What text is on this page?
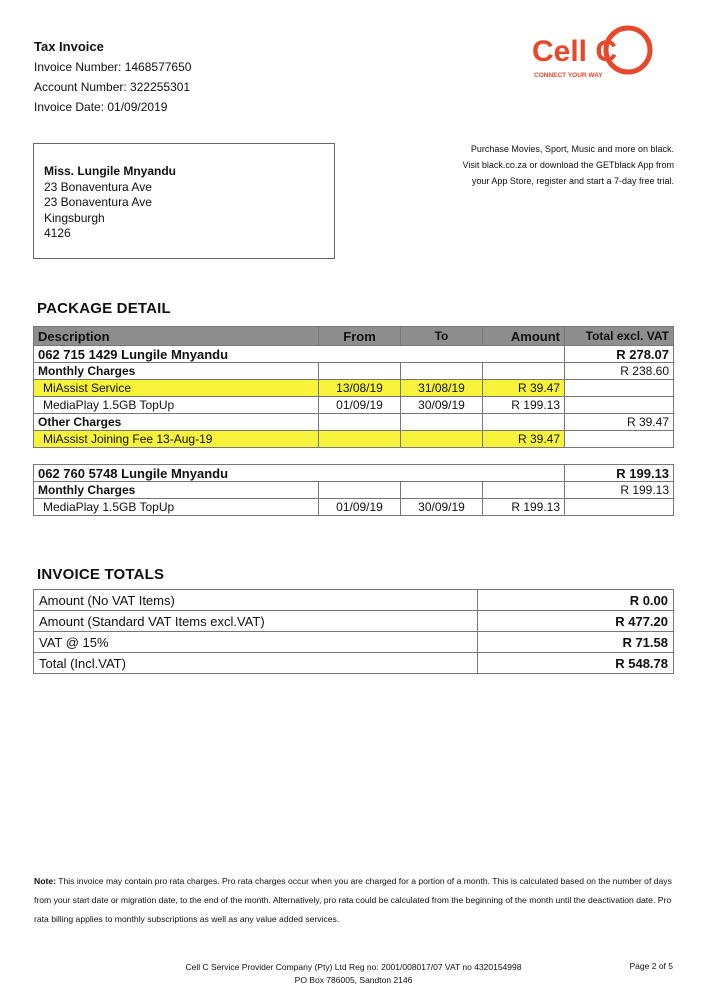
Tax Invoice
Invoice Number: 1468577650
Account Number: 322255301
Invoice Date: 01/09/2019
Cell C
CONNECT YOUR WAY
Purchase Movies, Sport, Music and more on black.
Visit black.co.za or download the GETblack App from
your App Store, register and start a 7-day free trial.
Miss. Lungile Mnyandu
23 Bonaventura Ave
23 Bonaventura Ave
Kingsburgh
4126
PACKAGE DETAIL
Description	From	To	Amount	Total excl. VAT
062 715 1429 Lungile Mnyandu				R 278.07
Monthly Charges				R 238.60
MiAssist Service	13/08/19	31/08/19	R 39.47	
MediaPlay 1.5GB TopUp	01/09/19	30/09/19	R 199.13	
Other Charges				R 39.47
MiAssist Joining Fee 13-Aug-19			R 39.47	
062 760 5748 Lungile Mnyandu				R 199.13
Monthly Charges				R 199.13
MediaPlay 1.5GB TopUp	01/09/19	30/09/19	R 199.13	
INVOICE TOTALS
Amount (No VAT Items)	R 0.00
Amount (Standard VAT Items excl.VAT)	R 477.20
VAT @ 15%	R 71.58
Total (Incl.VAT)	R 548.78
Note: This invoice may contain pro rata charges. Pro rata charges occur when you are charged for a portion of a month. This is calculated based on the number of days from your start date or migration date, to the end of the month. Alternatively, pro rata could be calculated from the beginning of the month until the deactivation date. Pro rata billing applies to monthly subscriptions as well as any value added services.
Cell C Service Provider Company (Pty) Ltd Reg no: 2001/008017/07 VAT no 4320154998
PO Box 786005, Sandton 2146
Page 2 of 5
